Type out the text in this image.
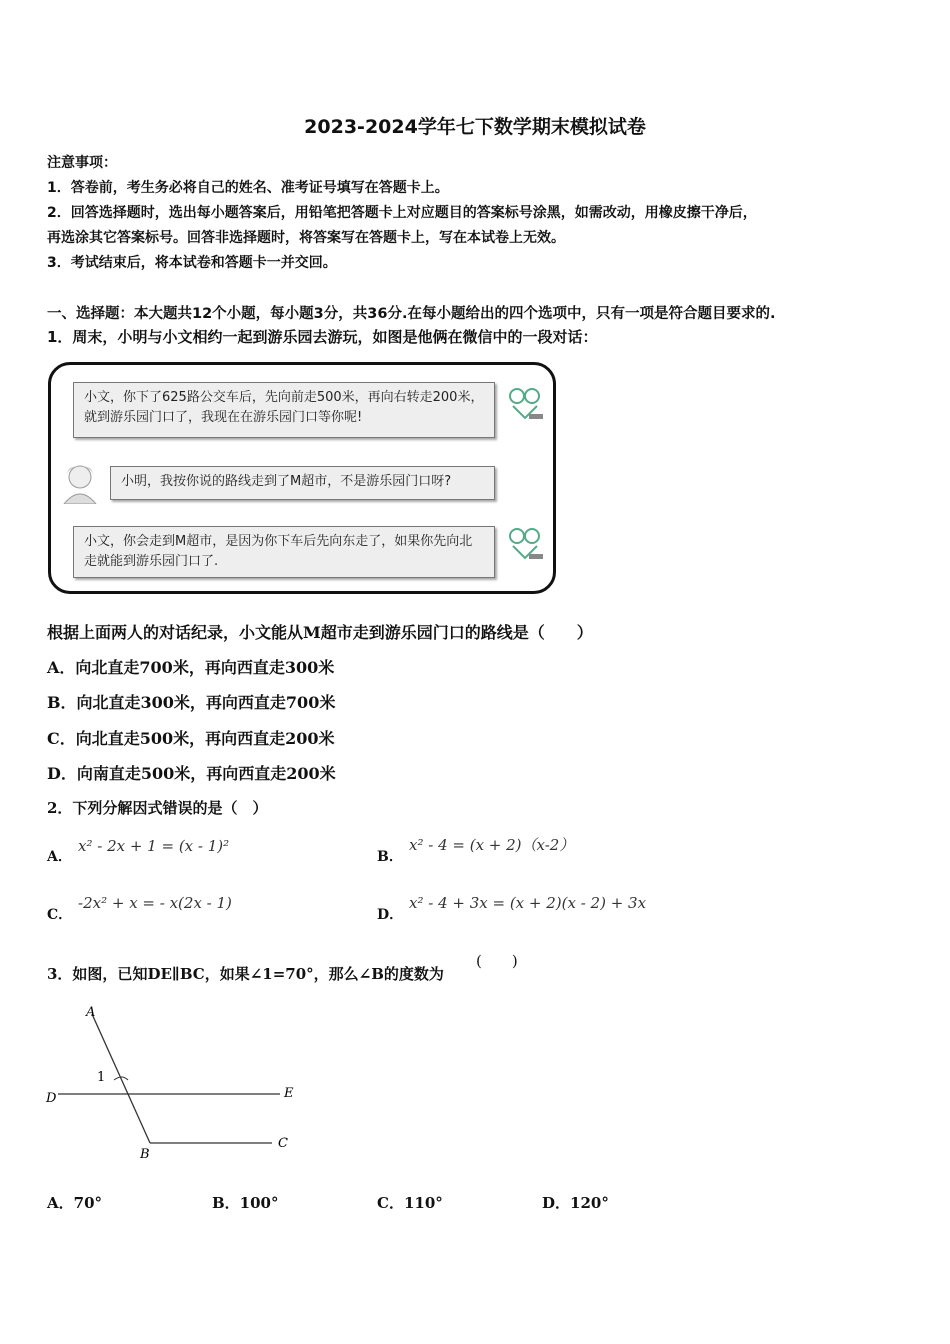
2023-2024学年七下数学期末模拟试卷
注意事项：
1．答卷前，考生务必将自己的姓名、准考证号填写在答题卡上。
2．回答选择题时，选出每小题答案后，用铅笔把答题卡上对应题目的答案标号涂黑，如需改动，用橡皮擦干净后，
再选涂其它答案标号。回答非选择题时，将答案写在答题卡上，写在本试卷上无效。
3．考试结束后，将本试卷和答题卡一并交回。
一、选择题：本大题共12个小题，每小题3分，共36分.在每小题给出的四个选项中，只有一项是符合题目要求的.
1．周末，小明与小文相约一起到游乐园去游玩，如图是他俩在微信中的一段对话：
小文，你下了625路公交车后，先向前走500米，再向右转走200米，就到游乐园门口了，我现在在游乐园门口等你呢!
小明，我按你说的路线走到了M超市，不是游乐园门口呀?
小文，你会走到M超市，是因为你下车后先向东走了，如果你先向北走就能到游乐园门口了.
根据上面两人的对话纪录，小文能从M超市走到游乐园门口的路线是（　　）
A．向北直走700米，再向西直走300米
B．向北直走300米，再向西直走700米
C．向北直走500米，再向西直走200米
D．向南直走500米，再向西直走200米
2．下列分解因式错误的是（　）
A．
x² - 2x + 1 = (x - 1)²
B．
x² - 4 = (x + 2)（x-2）
C．
-2x² + x = - x(2x - 1)
D．
x² - 4 + 3x = (x + 2)(x - 2) + 3x
3．如图，已知DE∥BC，如果∠1=70°，那么∠B的度数为
(　　)
A
D	E
B
C
1
A．70°	B．100°	C．110°	D．120°
